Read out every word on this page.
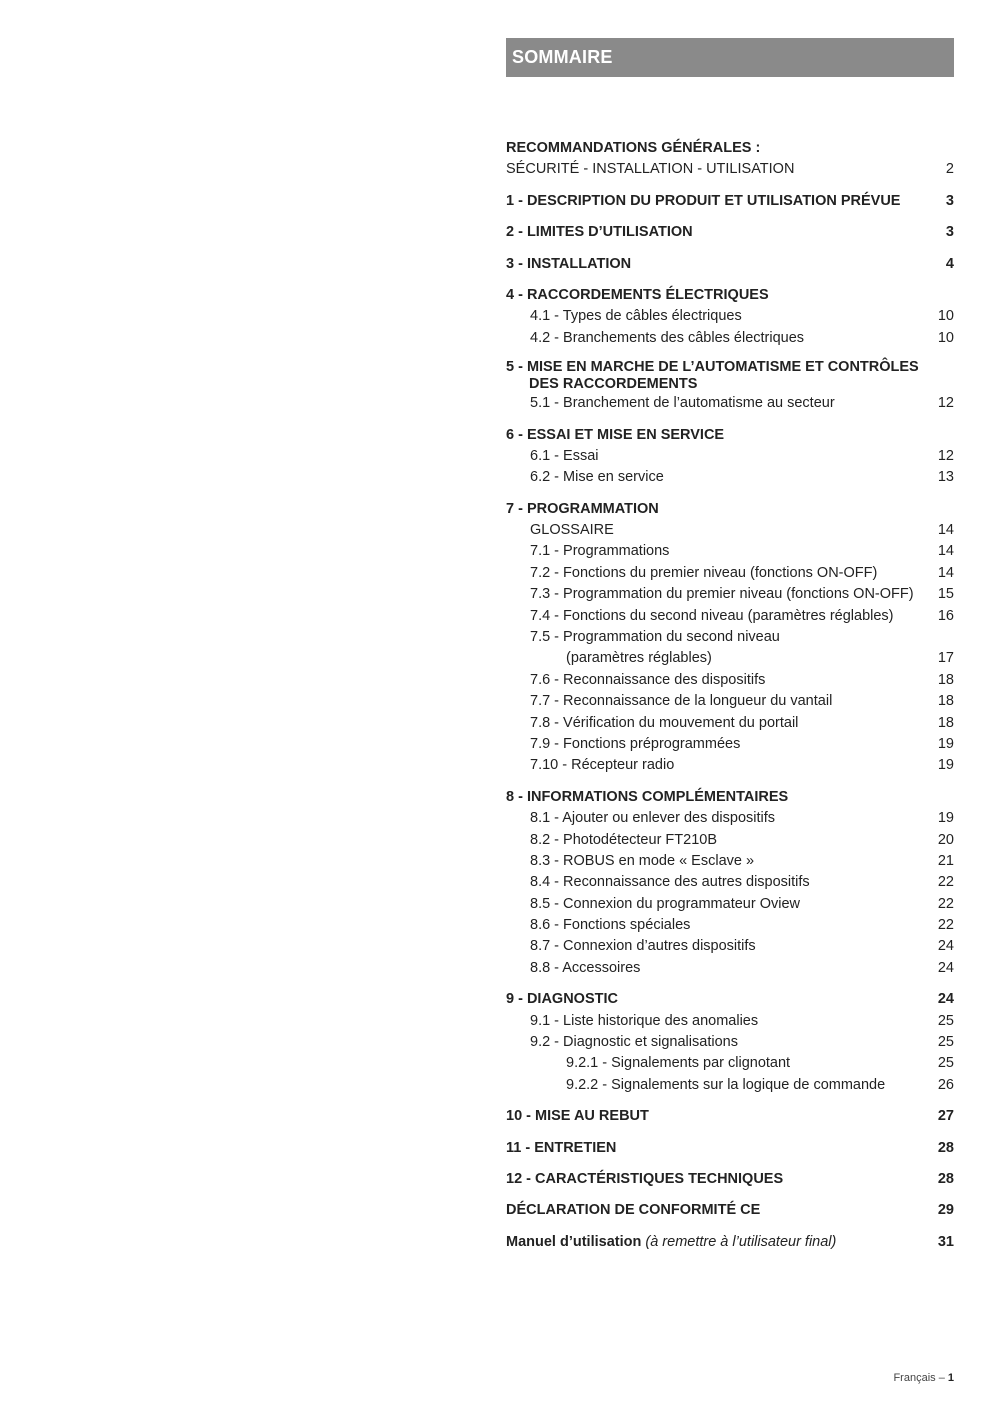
SOMMAIRE
RECOMMANDATIONS GÉNÉRALES :
SÉCURITÉ - INSTALLATION - UTILISATION	2
1 - DESCRIPTION DU PRODUIT ET UTILISATION PRÉVUE	3
2 - LIMITES D’UTILISATION	3
3 - INSTALLATION	4
4 - RACCORDEMENTS ÉLECTRIQUES
4.1 - Types de câbles électriques	10
4.2 - Branchements des câbles électriques	10
5 - MISE EN MARCHE DE L’AUTOMATISME ET CONTRÔLES DES RACCORDEMENTS
5.1 - Branchement de l’automatisme au secteur	12
6 - ESSAI ET MISE EN SERVICE
6.1 - Essai	12
6.2 - Mise en service	13
7 - PROGRAMMATION
GLOSSAIRE	14
7.1 - Programmations	14
7.2 - Fonctions du premier niveau (fonctions ON-OFF)	14
7.3 - Programmation du premier niveau (fonctions ON-OFF)	15
7.4 - Fonctions du second niveau (paramètres réglables)	16
7.5 - Programmation du second niveau
(paramètres réglables)	17
7.6 - Reconnaissance des dispositifs	18
7.7 - Reconnaissance de la longueur du vantail	18
7.8 - Vérification du mouvement du portail	18
7.9 - Fonctions préprogrammées	19
7.10 - Récepteur radio	19
8 - INFORMATIONS COMPLÉMENTAIRES
8.1 - Ajouter ou enlever des dispositifs	19
8.2 - Photodétecteur FT210B	20
8.3 - ROBUS en mode « Esclave »	21
8.4 - Reconnaissance des autres dispositifs	22
8.5 - Connexion du programmateur Oview	22
8.6 - Fonctions spéciales	22
8.7 - Connexion d’autres dispositifs	24
8.8 - Accessoires	24
9 - DIAGNOSTIC	24
9.1 - Liste historique des anomalies	25
9.2 - Diagnostic et signalisations	25
9.2.1 - Signalements par clignotant	25
9.2.2 - Signalements sur la logique de commande	26
10 - MISE AU REBUT	27
11 - ENTRETIEN	28
12 - CARACTÉRISTIQUES TECHNIQUES	28
DÉCLARATION DE CONFORMITÉ CE	29
Manuel d’utilisation (à remettre à l’utilisateur final)	31
Français – 1
